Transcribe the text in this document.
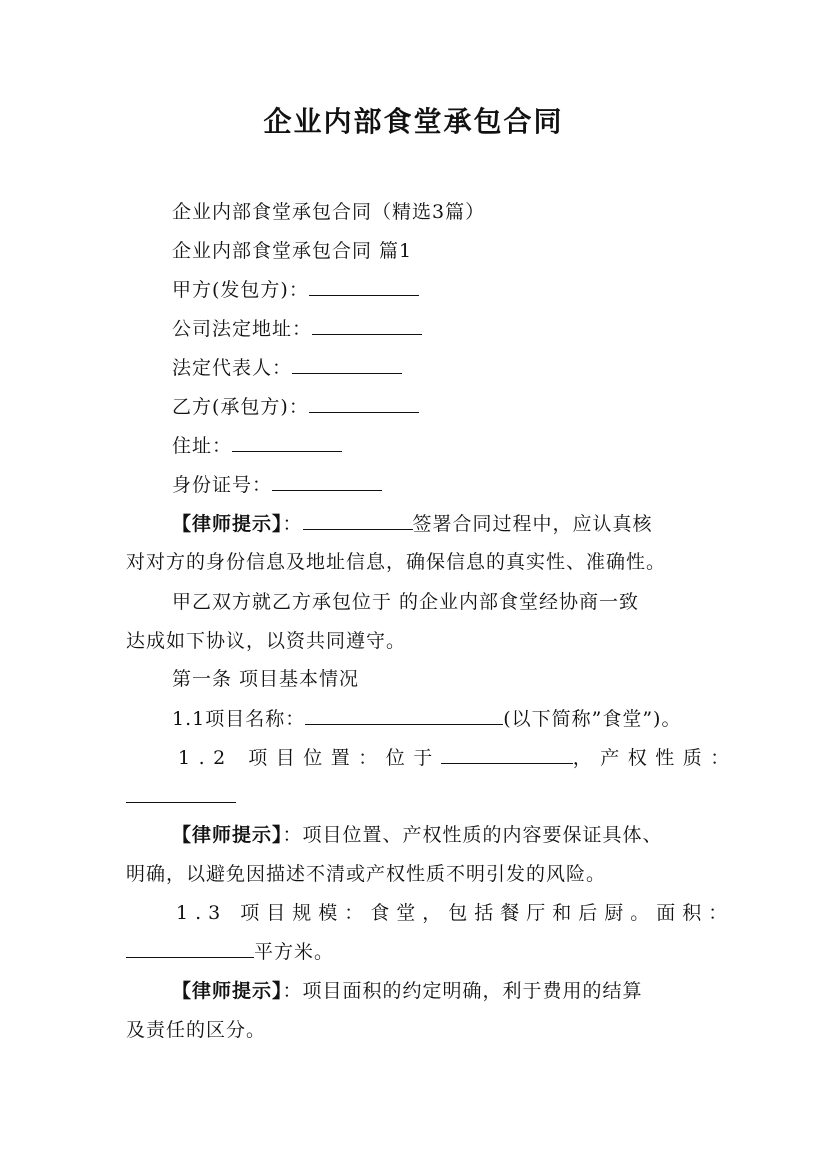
企业内部食堂承包合同
企业内部食堂承包合同（精选3篇）
企业内部食堂承包合同 篇1
甲方(发包方)：
公司法定地址：
法定代表人：
乙方(承包方)：
住址：
身份证号：
【律师提示】：	签署合同过程中，应认真核
对对方的身份信息及地址信息，确保信息的真实性、准确性。
甲乙双方就乙方承包位于 的企业内部食堂经协商一致
达成如下协议，以资共同遵守。
第一条 项目基本情况
1.1项目名称：	(以下简称”食堂”)。
1.2 项目位置：位于	，产权性质：
【律师提示】：项目位置、产权性质的内容要保证具体、
明确，以避免因描述不清或产权性质不明引发的风险。
1.3 项目规模：食堂，包括餐厅和后厨。面积：
平方米。
【律师提示】：项目面积的约定明确，利于费用的结算
及责任的区分。
